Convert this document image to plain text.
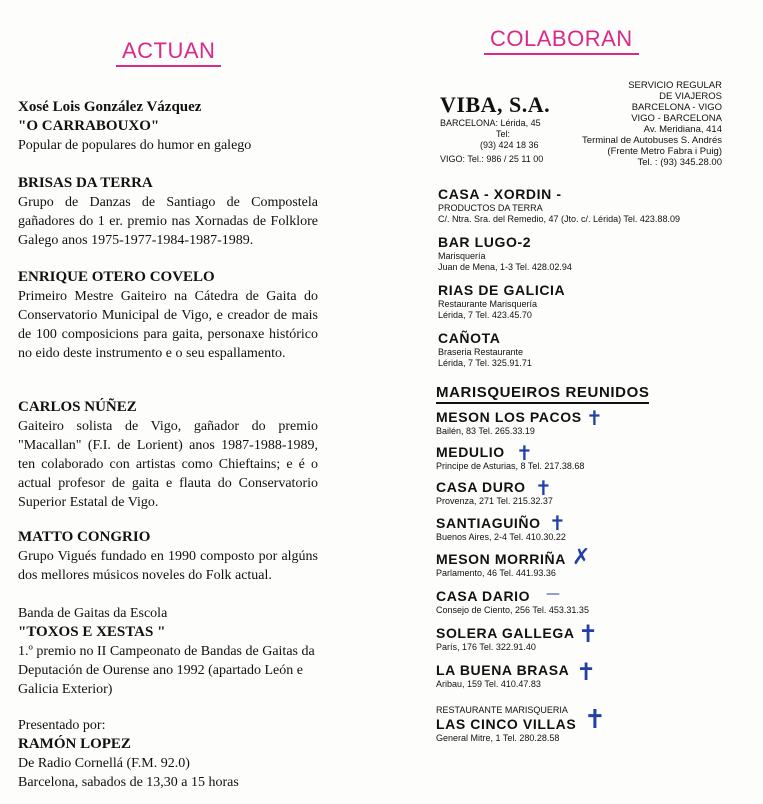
ACTUAN	COLABORAN
Xosé Lois González Vázquez
"O CARRABOUXO"
Popular de populares do humor en galego
BRISAS DA TERRA
Grupo de Danzas de Santiago de Compostela gañadores do 1 er. premio nas Xornadas de Folklore Galego anos 1975-1977-1984-1987-1989.
ENRIQUE OTERO COVELO
Primeiro Mestre Gaiteiro na Cátedra de Gaita do Conservatorio Municipal de Vigo, e creador de mais de 100 composicions para gaita, personaxe histórico no eido deste instrumento e o seu espallamento.
CARLOS NÚÑEZ
Gaiteiro solista de Vigo, gañador do premio "Macallan" (F.I. de Lorient) anos 1987-1988-1989, ten colaborado con artistas como Chieftains; e é o actual profesor de gaita e flauta do Conservatorio Superior Estatal de Vigo.
MATTO CONGRIO
Grupo Vigués fundado en 1990 composto por algúns dos mellores músicos noveles do Folk actual.
Banda de Gaitas da Escola
"TOXOS E XESTAS "
1.º premio no II Campeonato de Bandas de Gaitas da Deputación de Ourense ano 1992 (apartado León e Galicia Exterior)
Presentado por:
RAMÓN LOPEZ
De Radio Cornellá (F.M. 92.0)
Barcelona, sabados de 13,30 a 15 horas
VIBA, S.A.
BARCELONA: Lérida, 45
Tel:
(93) 424 18 36
VIGO: Tel.: 986 / 25 11 00
SERVICIO REGULAR
DE VIAJEROS
BARCELONA - VIGO
VIGO - BARCELONA
Av. Meridiana, 414
Terminal de Autobuses S. Andrés
(Frente Metro Fabra i Puig)
Tel. : (93) 345.28.00
CASA - XORDIN -
PRODUCTOS DA TERRA
C/. Ntra. Sra. del Remedio, 47 (Jto. c/. Lérida) Tel. 423.88.09
BAR LUGO-2
Marisquería
Juan de Mena, 1-3 Tel. 428.02.94
RIAS DE GALICIA
Restaurante Marisquería
Lérida, 7 Tel. 423.45.70
CAÑOTA
Braseria Restaurante
Lérida, 7 Tel. 325.91.71
MARISQUEIROS REUNIDOS
MESON LOS PACOS
Bailén, 83 Tel. 265.33.19
✝
MEDULIO
Principe de Asturias, 8 Tel. 217.38.68
✝
CASA DURO
Provenza, 271 Tel. 215.32.37
✝
SANTIAGUIÑO
Buenos Aires, 2-4 Tel. 410.30.22
✝
MESON MORRIÑA
Parlamento, 46 Tel. 441.93.36
✗
CASA DARIO
Consejo de Ciento, 256 Tel. 453.31.35
—
SOLERA GALLEGA
París, 176 Tel. 322.91.40	✝
LA BUENA BRASA
Aribau, 159 Tel. 410.47.83	✝
RESTAURANTE MARISQUERIA
LAS CINCO VILLAS
General Mitre, 1 Tel. 280.28.58
✝
